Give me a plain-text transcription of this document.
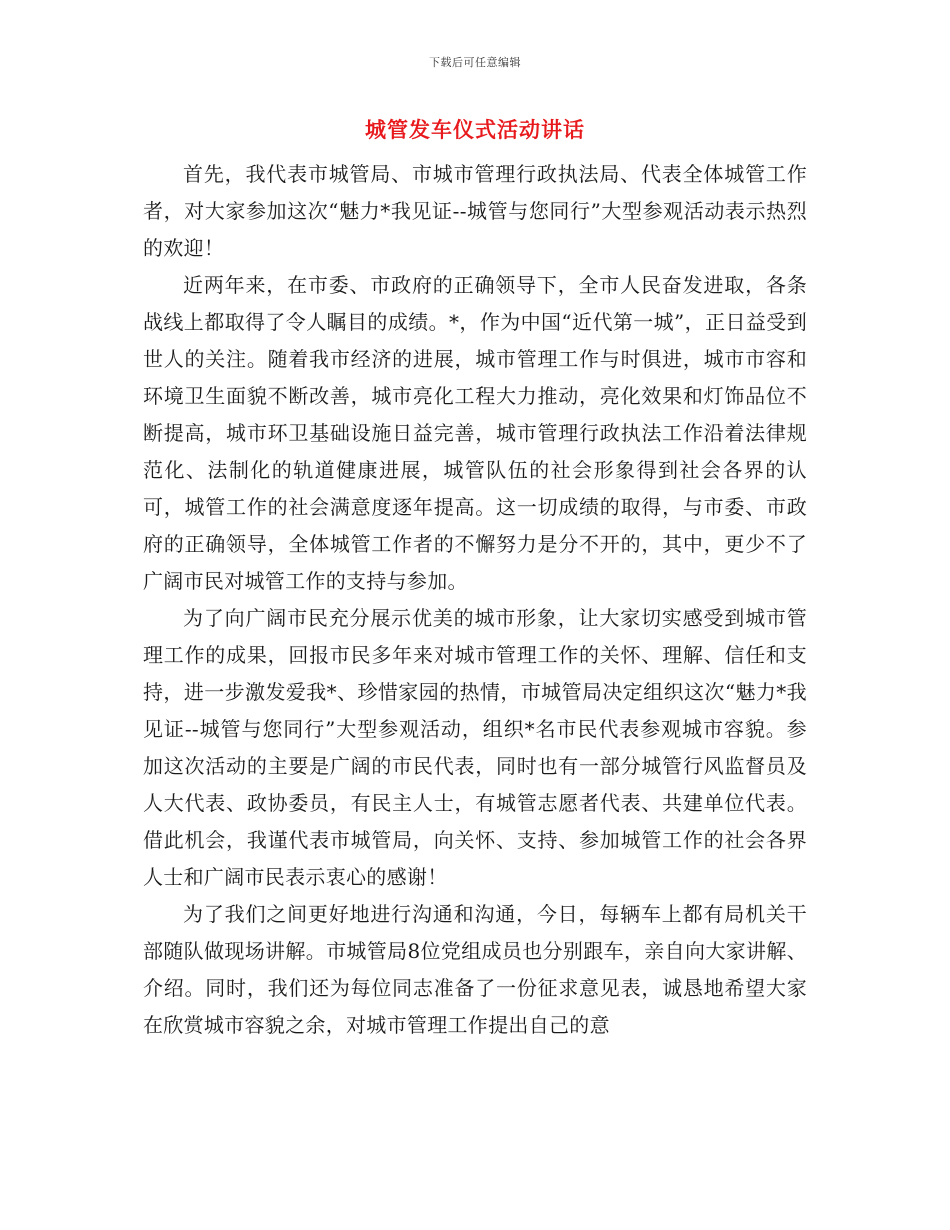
下载后可任意编辑
城管发车仪式活动讲话

首先，我代表市城管局、市城市管理行政执法局、代表全体城管工作者，对大家参加这次“魅力*我见证--城管与您同行”大型参观活动表示热烈的欢迎！

近两年来，在市委、市政府的正确领导下，全市人民奋发进取，各条战线上都取得了令人瞩目的成绩。*，作为中国“近代第一城”，正日益受到世人的关注。随着我市经济的进展，城市管理工作与时俱进，城市市容和环境卫生面貌不断改善，城市亮化工程大力推动，亮化效果和灯饰品位不断提高，城市环卫基础设施日益完善，城市管理行政执法工作沿着法律规范化、法制化的轨道健康进展，城管队伍的社会形象得到社会各界的认可，城管工作的社会满意度逐年提高。这一切成绩的取得，与市委、市政府的正确领导，全体城管工作者的不懈努力是分不开的，其中，更少不了广阔市民对城管工作的支持与参加。

为了向广阔市民充分展示优美的城市形象，让大家切实感受到城市管理工作的成果，回报市民多年来对城市管理工作的关怀、理解、信任和支持，进一步激发爱我*、珍惜家园的热情，市城管局决定组织这次“魅力*我见证--城管与您同行”大型参观活动，组织*名市民代表参观城市容貌。参加这次活动的主要是广阔的市民代表，同时也有一部分城管行风监督员及人大代表、政协委员，有民主人士，有城管志愿者代表、共建单位代表。借此机会，我谨代表市城管局，向关怀、支持、参加城管工作的社会各界人士和广阔市民表示衷心的感谢！

为了我们之间更好地进行沟通和沟通，今日，每辆车上都有局机关干部随队做现场讲解。市城管局8位党组成员也分别跟车，亲自向大家讲解、介绍。同时，我们还为每位同志准备了一份征求意见表，诚恳地希望大家在欣赏城市容貌之余，对城市管理工作提出自己的意
